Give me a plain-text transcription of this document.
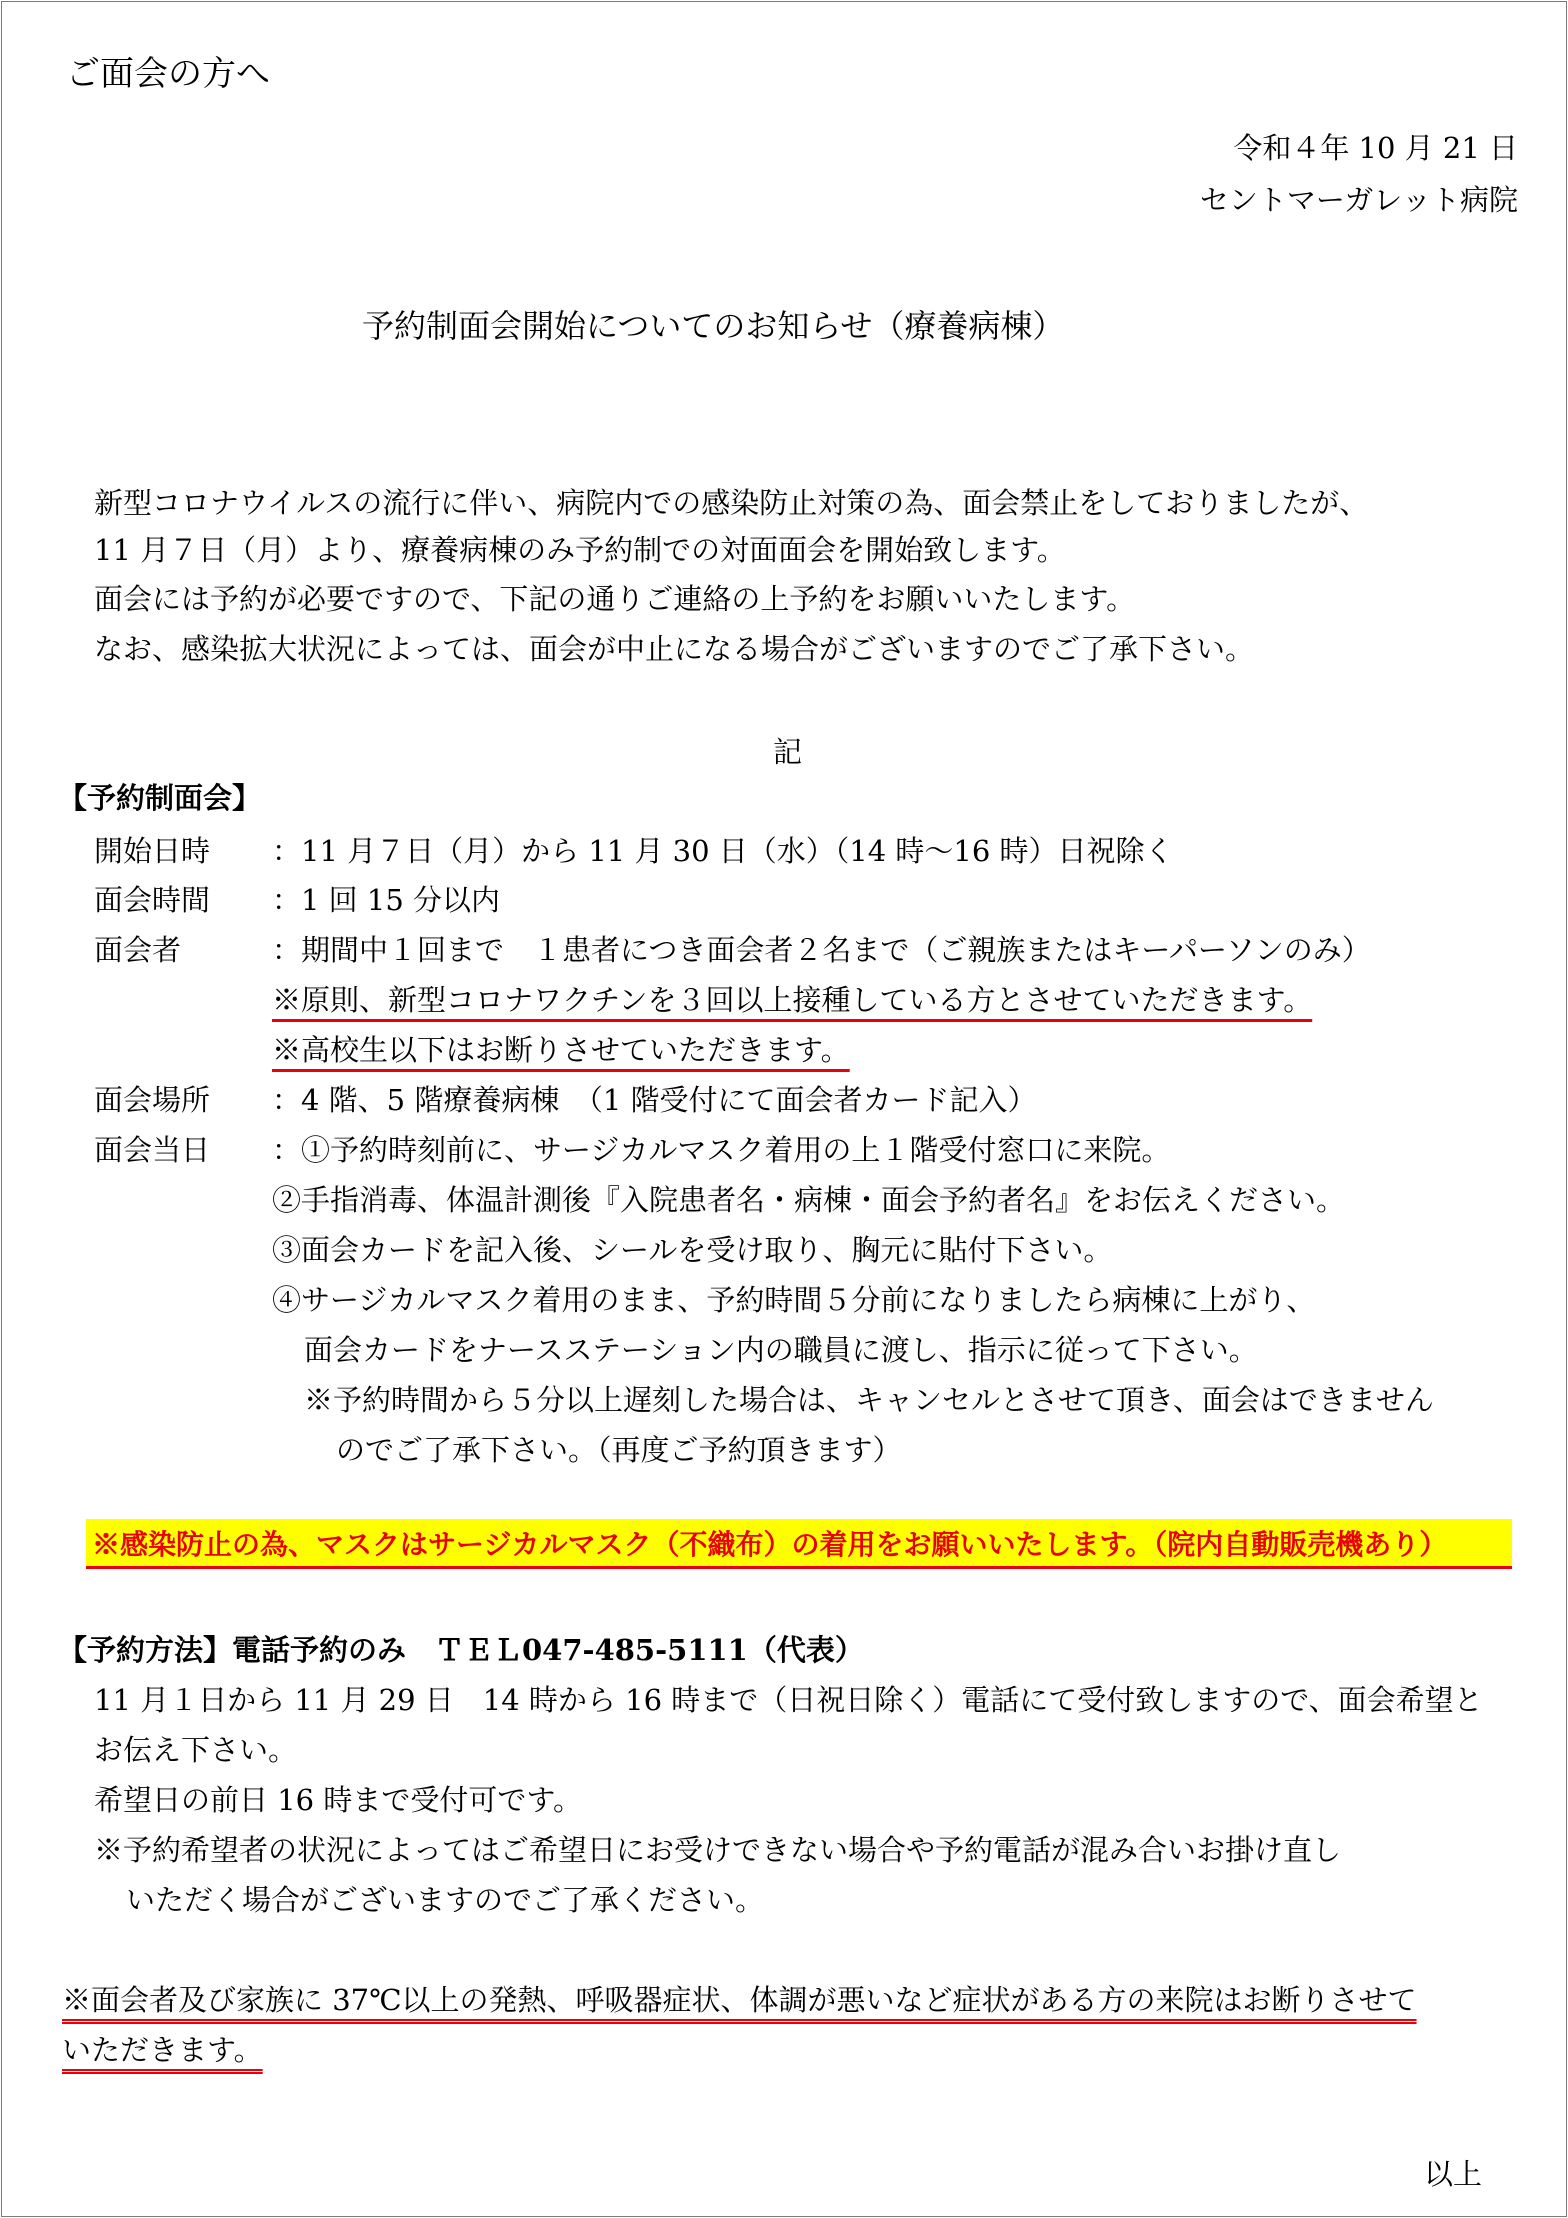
ご面会の方へ
令和４年 10 月 21 日
セントマーガレット病院
予約制面会開始についてのお知らせ（療養病棟）
新型コロナウイルスの流行に伴い、病院内での感染防止対策の為、面会禁止をしておりましたが、
11 月７日（月）より、療養病棟のみ予約制での対面面会を開始致します。
面会には予約が必要ですので、下記の通りご連絡の上予約をお願いいたします。
なお、感染拡大状況によっては、面会が中止になる場合がございますのでご了承下さい。
記
【予約制面会】
開始日時 ：11 月７日（月）から 11 月 30 日（水）（14 時～16 時）日祝除く
面会時間 ：1 回 15 分以内
面会者	：期間中１回まで　１患者につき面会者２名まで（ご親族またはキーパーソンのみ）
※原則、新型コロナワクチンを３回以上接種している方とさせていただきます。
※高校生以下はお断りさせていただきます。
面会場所 ：4 階、5 階療養病棟　（1 階受付にて面会者カード記入）
面会当日 ：①予約時刻前に、サージカルマスク着用の上１階受付窓口に来院。
②手指消毒、体温計測後『入院患者名・病棟・面会予約者名』をお伝えください。
③面会カードを記入後、シールを受け取り、胸元に貼付下さい。
④サージカルマスク着用のまま、予約時間５分前になりましたら病棟に上がり、
面会カードをナースステーション内の職員に渡し、指示に従って下さい。
※予約時間から５分以上遅刻した場合は、キャンセルとさせて頂き、面会はできません
のでご了承下さい。（再度ご予約頂きます）
※感染防止の為、マスクはサージカルマスク（不織布）の着用をお願いいたします。（院内自動販売機あり）
【予約方法】電話予約のみ　ＴＥＬ047-485-5111（代表）
11 月１日から 11 月 29 日　14 時から 16 時まで（日祝日除く）電話にて受付致しますので、面会希望と
お伝え下さい。
希望日の前日 16 時まで受付可です。
※予約希望者の状況によってはご希望日にお受けできない場合や予約電話が混み合いお掛け直し
いただく場合がございますのでご了承ください。
※面会者及び家族に 37℃以上の発熱、呼吸器症状、体調が悪いなど症状がある方の来院はお断りさせて
いただきます。
以上
